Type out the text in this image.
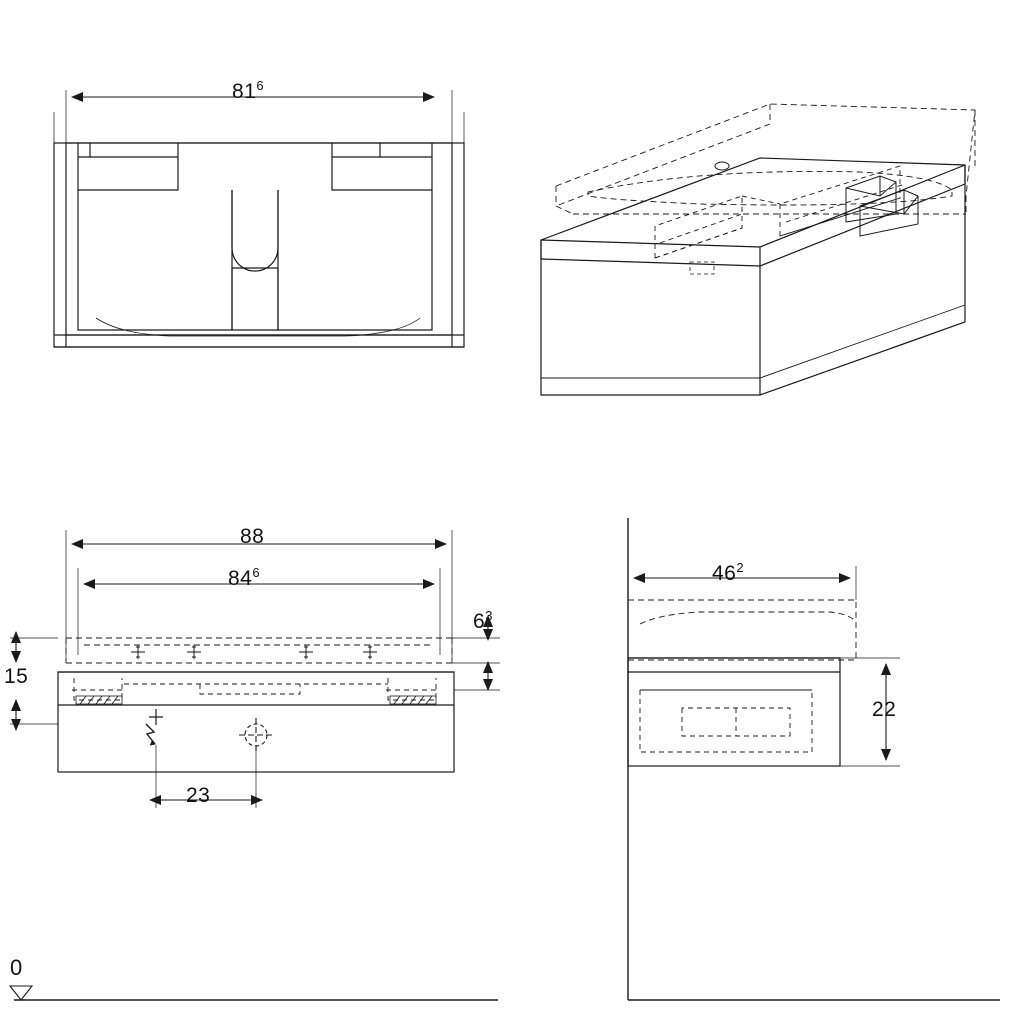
$81^6$
88
$84^6$
$6^3$
15
23
$46^2$
22
0
